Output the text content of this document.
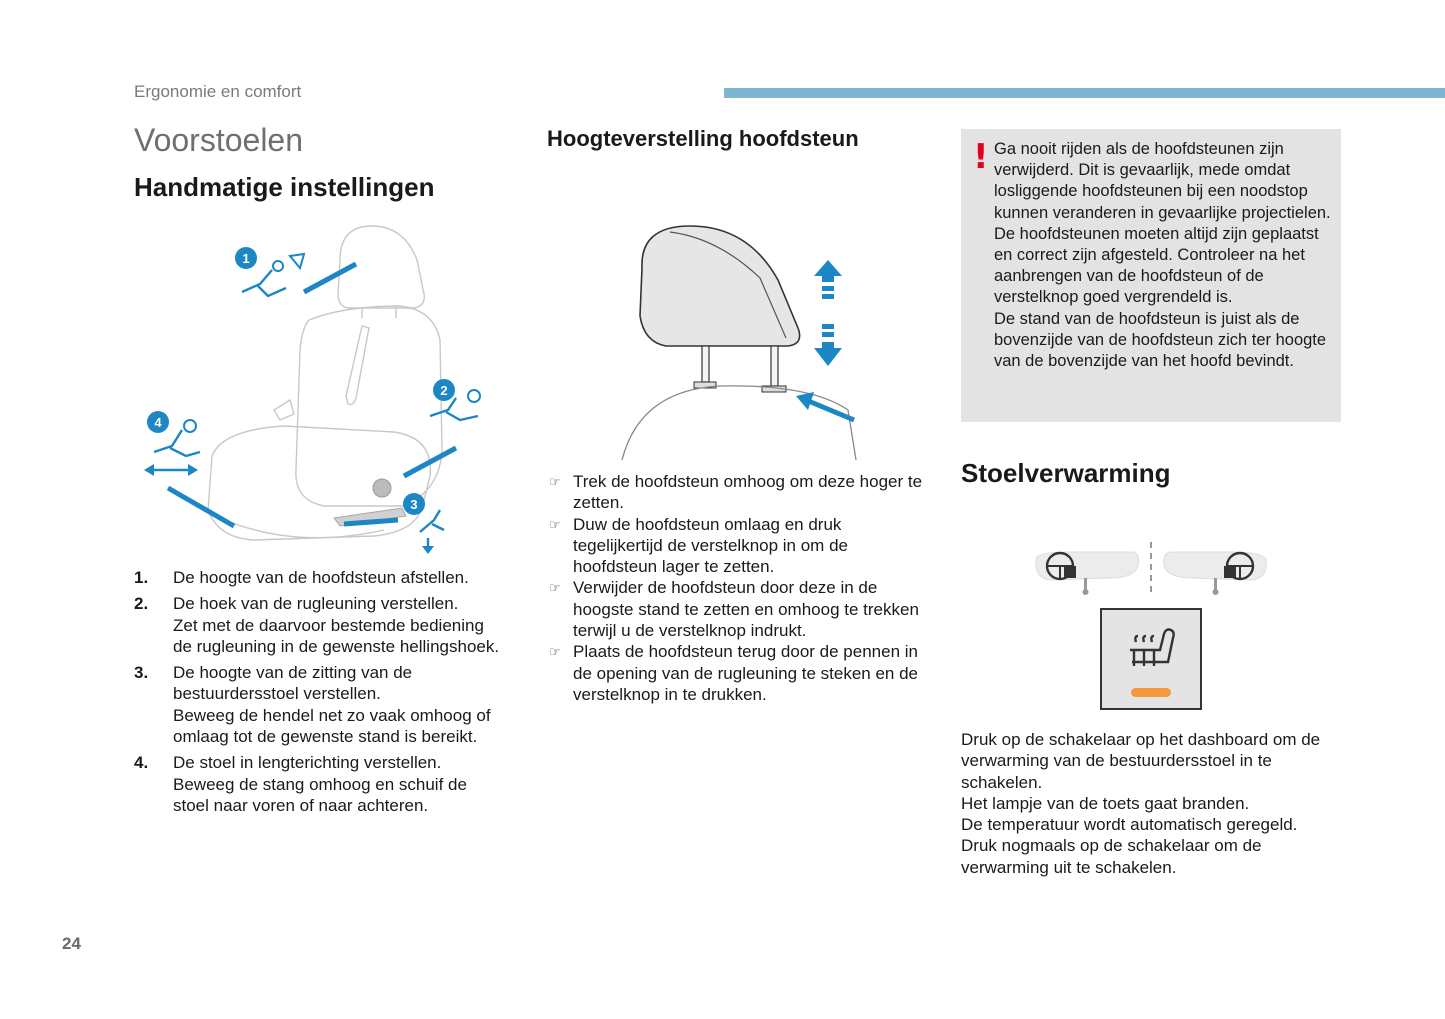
Ergonomie en comfort
Voorstoelen
Handmatige instellingen
1
2
3
4
1. De hoogte van de hoofdsteun afstellen.
2. De hoek van de rugleuning verstellen.
Zet met de daarvoor bestemde bediening de rugleuning in de gewenste hellingshoek.
3. De hoogte van de zitting van de bestuurdersstoel verstellen.
Beweeg de hendel net zo vaak omhoog of omlaag tot de gewenste stand is bereikt.
4. De stoel in lengterichting verstellen.
Beweeg de stang omhoog en schuif de stoel naar voren of naar achteren.
Hoogteverstelling hoofdsteun
☞ Trek de hoofdsteun omhoog om deze hoger te zetten.
☞ Duw de hoofdsteun omlaag en druk tegelijkertijd de verstelknop in om de hoofdsteun lager te zetten.
☞ Verwijder de hoofdsteun door deze in de hoogste stand te zetten en omhoog te trekken terwijl u de verstelknop indrukt.
☞ Plaats de hoofdsteun terug door de pennen in de opening van de rugleuning te steken en de verstelknop in te drukken.
! Ga nooit rijden als de hoofdsteunen zijn verwijderd. Dit is gevaarlijk, mede omdat losliggende hoofdsteunen bij een noodstop kunnen veranderen in gevaarlijke projectielen. De hoofdsteunen moeten altijd zijn geplaatst en correct zijn afgesteld. Controleer na het aanbrengen van de hoofdsteun of de verstelknop goed vergrendeld is.
De stand van de hoofdsteun is juist als de bovenzijde van de hoofdsteun zich ter hoogte van de bovenzijde van het hoofd bevindt.
Stoelverwarming
Druk op de schakelaar op het dashboard om de verwarming van de bestuurdersstoel in te schakelen.
Het lampje van de toets gaat branden.
De temperatuur wordt automatisch geregeld.
Druk nogmaals op de schakelaar om de verwarming uit te schakelen.
24
